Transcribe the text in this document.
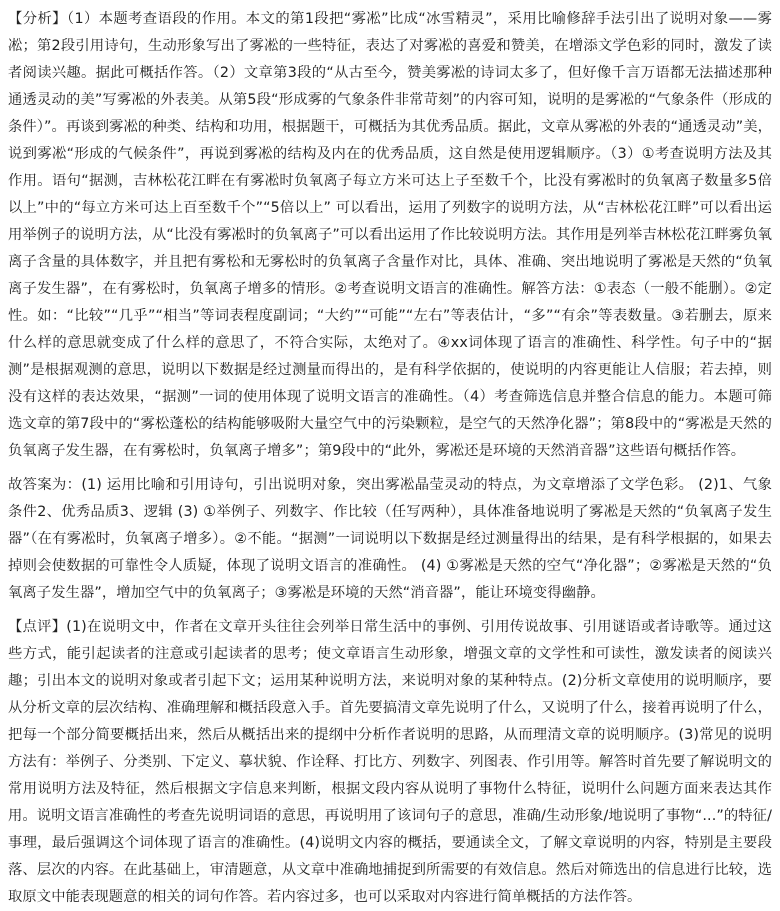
【分析】（1）本题考查语段的作用。本文的第1段把“雾凇”比成“冰雪精灵”，采用比喻修辞手法引出了说明对象——雾凇；第2段引用诗句，生动形象写出了雾凇的一些特征，表达了对雾凇的喜爱和赞美，在增添文学色彩的同时，激发了读者阅读兴趣。据此可概括作答。（2）文章第3段的“从古至今，赞美雾凇的诗词太多了，但好像千言万语都无法描述那种通透灵动的美”写雾凇的外表美。从第5段“形成雾的气象条件非常苛刻”的内容可知，说明的是雾凇的“气象条件（形成的条件）”。再谈到雾凇的种类、结构和功用，根据题干，可概括为其优秀品质。据此，文章从雾凇的外表的“通透灵动”美，说到雾凇“形成的气候条件”，再说到雾凇的结构及内在的优秀品质，这自然是使用逻辑顺序。（3）①考查说明方法及其作用。语句“据测，吉林松花江畔在有雾凇时负氧离子每立方米可达上子至数千个，比没有雾凇时的负氧离子数量多5倍以上”中的“每立方米可达上百至数千个”“5倍以上” 可以看出，运用了列数字的说明方法，从“吉林松花江畔”可以看出运用举例子的说明方法，从“比没有雾凇时的负氧离子”可以看出运用了作比较说明方法。其作用是列举吉林松花江畔雾负氧离子含量的具体数字，并且把有雾松和无雾松时的负氧离子含量作对比，具体、准确、突出地说明了雾凇是天然的“负氧离子发生器”，在有雾松时，负氧离子增多的情形。②考查说明文语言的准确性。解答方法：①表态（一般不能删）。②定性。如：“比较”“几乎”“相当”等词表程度副词；“大约”“可能”“左右”等表估计，“多”“有余”等表数量。③若删去，原来什么样的意思就变成了什么样的意思了，不符合实际，太绝对了。④xx词体现了语言的准确性、科学性。句子中的“据测”是根据观测的意思，说明以下数据是经过测量而得出的，是有科学依据的，使说明的内容更能让人信服；若去掉，则没有这样的表达效果，“据测”一词的使用体现了说明文语言的准确性。（4）考查筛选信息并整合信息的能力。本题可筛选文章的第7段中的“雾松蓬松的结构能够吸附大量空气中的污染颗粒，是空气的天然净化器”；第8段中的“雾凇是天然的负氧离子发生器，在有雾松时，负氧离子增多”；第9段中的“此外，雾凇还是环境的天然消音器”这些语句概括作答。

故答案为：(1) 运用比喻和引用诗句，引出说明对象，突出雾凇晶莹灵动的特点，为文章增添了文学色彩。 (2)1、气象条件2、优秀品质3、逻辑 (3) ①举例子、列数字、作比较（任写两种），具体准备地说明了雾凇是天然的“负氧离子发生器”（在有雾凇时，负氧离子增多）。②不能。“据测”一词说明以下数据是经过测量得出的结果，是有科学根据的，如果去掉则会使数据的可靠性令人质疑，体现了说明文语言的准确性。 (4) ①雾凇是天然的空气“净化器”；②雾凇是天然的“负氧离子发生器”，增加空气中的负氧离子；③雾凇是环境的天然“消音器”，能让环境变得幽静。

【点评】(1)在说明文中，作者在文章开头往往会列举日常生活中的事例、引用传说故事、引用谜语或者诗歌等。通过这些方式，能引起读者的注意或引起读者的思考；使文章语言生动形象，增强文章的文学性和可读性，激发读者的阅读兴趣；引出本文的说明对象或者引起下文；运用某种说明方法，来说明对象的某种特点。(2)分析文章使用的说明顺序，要从分析文章的层次结构、准确理解和概括段意入手。首先要搞清文章先说明了什么，又说明了什么，接着再说明了什么，把每一个部分简要概括出来，然后从概括出来的提纲中分析作者说明的思路，从而理清文章的说明顺序。(3)常见的说明方法有：举例子、分类别、下定义、摹状貌、作诠释、打比方、列数字、列图表、作引用等。解答时首先要了解说明文的常用说明方法及特征，然后根据文字信息来判断，根据文段内容从说明了事物什么特征，说明什么问题方面来表达其作用。说明文语言准确性的考查先说明词语的意思，再说明用了该词句子的意思，准确/生动形象/地说明了事物“...”的特征/事理，最后强调这个词体现了语言的准确性。(4)说明文内容的概括，要通读全文，了解文章说明的内容，特别是主要段落、层次的内容。在此基础上，审清题意，从文章中准确地捕捉到所需要的有效信息。然后对筛选出的信息进行比较，选取原文中能表现题意的相关的词句作答。若内容过多，也可以采取对内容进行简单概括的方法作答。
